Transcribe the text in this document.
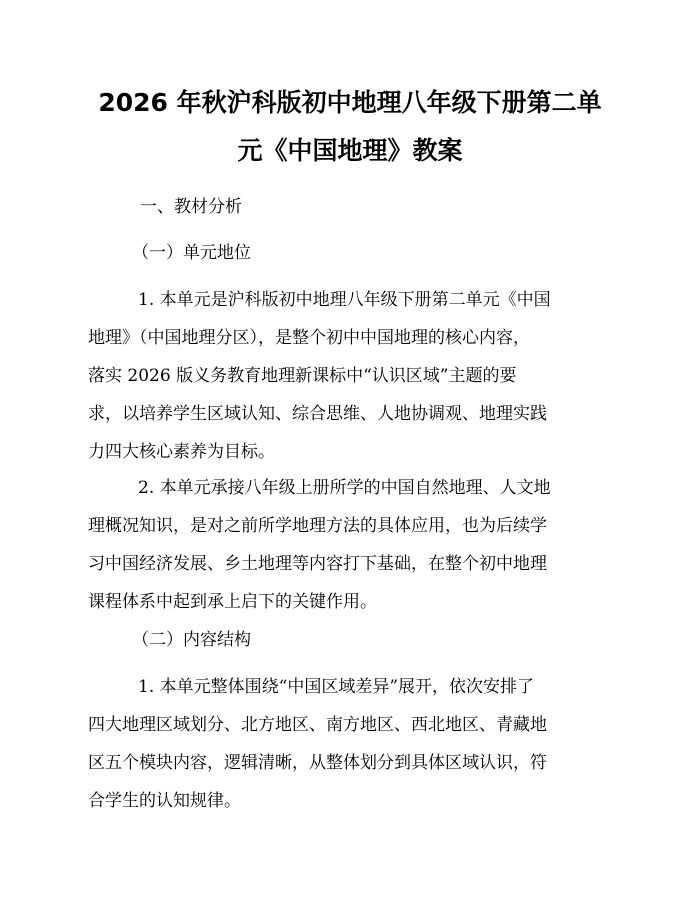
2026 年秋沪科版初中地理八年级下册第二单
元《中国地理》教案
一、教材分析
（一）单元地位
1. 本单元是沪科版初中地理八年级下册第二单元《中国
地理》（中国地理分区），是整个初中中国地理的核心内容，
落实 2026 版义务教育地理新课标中“认识区域”主题的要
求，以培养学生区域认知、综合思维、人地协调观、地理实践
力四大核心素养为目标。
2. 本单元承接八年级上册所学的中国自然地理、人文地
理概况知识，是对之前所学地理方法的具体应用，也为后续学
习中国经济发展、乡土地理等内容打下基础，在整个初中地理
课程体系中起到承上启下的关键作用。
（二）内容结构
1. 本单元整体围绕“中国区域差异”展开，依次安排了
四大地理区域划分、北方地区、南方地区、西北地区、青藏地
区五个模块内容，逻辑清晰，从整体划分到具体区域认识，符
合学生的认知规律。
